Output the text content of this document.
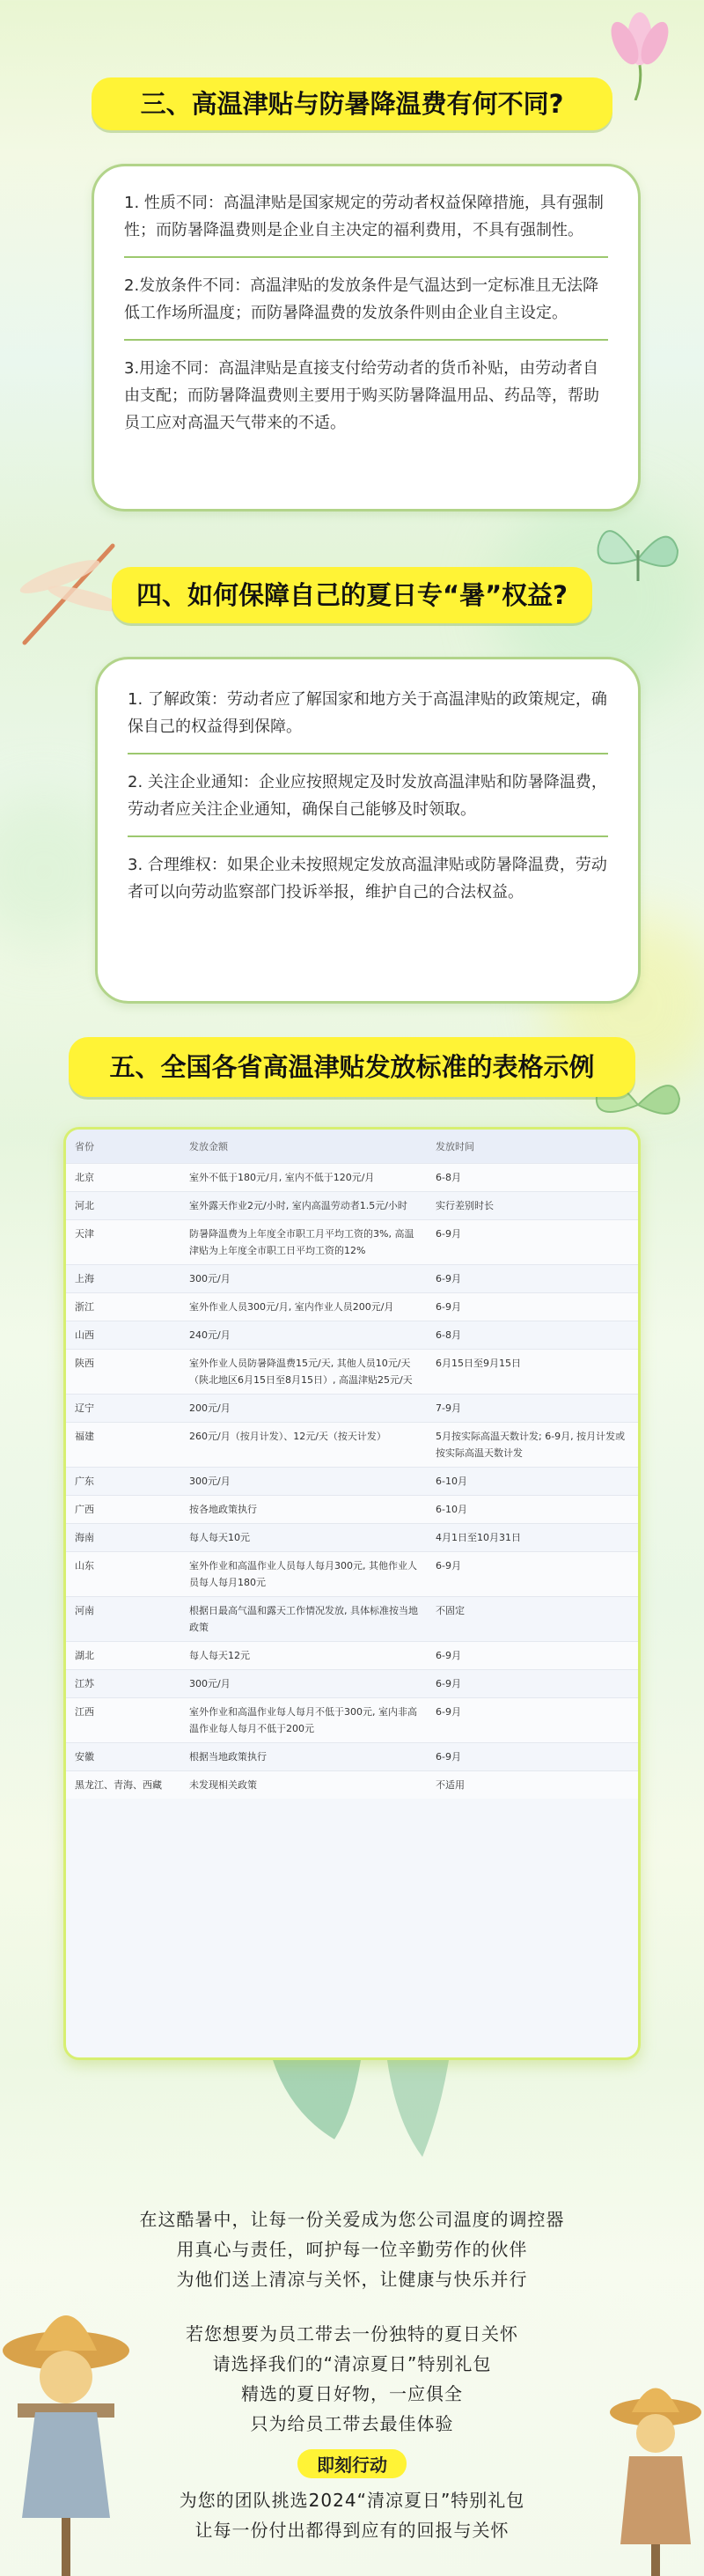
三、高温津贴与防暑降温费有何不同?

1. 性质不同：高温津贴是国家规定的劳动者权益保障措施，具有强制性；而防暑降温费则是企业自主决定的福利费用，不具有强制性。

2.发放条件不同：高温津贴的发放条件是气温达到一定标准且无法降低工作场所温度；而防暑降温费的发放条件则由企业自主设定。

3.用途不同：高温津贴是直接支付给劳动者的货币补贴，由劳动者自由支配；而防暑降温费则主要用于购买防暑降温用品、药品等，帮助员工应对高温天气带来的不适。

四、如何保障自己的夏日专“暑”权益?

1. 了解政策：劳动者应了解国家和地方关于高温津贴的政策规定，确保自己的权益得到保障。

2. 关注企业通知：企业应按照规定及时发放高温津贴和防暑降温费，劳动者应关注企业通知，确保自己能够及时领取。

3. 合理维权：如果企业未按照规定发放高温津贴或防暑降温费，劳动者可以向劳动监察部门投诉举报，维护自己的合法权益。

五、全国各省高温津贴发放标准的表格示例
省份	发放金额	发放时间
北京	室外不低于180元/月, 室内不低于120元/月	6-8月
河北	室外露天作业2元/小时, 室内高温劳动者1.5元/小时	实行差别时长
天津	防暑降温费为上年度全市职工月平均工资的3%, 高温津贴为上年度全市职工日平均工资的12%	6-9月
上海	300元/月	6-9月
浙江	室外作业人员300元/月, 室内作业人员200元/月	6-9月
山西	240元/月	6-8月
陕西	室外作业人员防暑降温费15元/天, 其他人员10元/天（陕北地区6月15日至8月15日）, 高温津贴25元/天	6月15日至9月15日
辽宁	200元/月	7-9月
福建	260元/月（按月计发）、12元/天（按天计发）	5月按实际高温天数计发; 6-9月, 按月计发或按实际高温天数计发
广东	300元/月	6-10月
广西	按各地政策执行	6-10月
海南	每人每天10元	4月1日至10月31日
山东	室外作业和高温作业人员每人每月300元, 其他作业人员每人每月180元	6-9月
河南	根据日最高气温和露天工作情况发放, 具体标准按当地政策	不固定
湖北	每人每天12元	6-9月
江苏	300元/月	6-9月
江西	室外作业和高温作业每人每月不低于300元, 室内非高温作业每人每月不低于200元	6-9月
安徽	根据当地政策执行	6-9月
黑龙江、青海、西藏	未发现相关政策	不适用

在这酷暑中，让每一份关爱成为您公司温度的调控器

用真心与责任，呵护每一位辛勤劳作的伙伴

为他们送上清凉与关怀，让健康与快乐并行

若您想要为员工带去一份独特的夏日关怀

请选择我们的“清凉夏日”特别礼包

精选的夏日好物，一应俱全

只为给员工带去最佳体验

即刻行动

为您的团队挑选2024“清凉夏日”特别礼包

让每一份付出都得到应有的回报与关怀
